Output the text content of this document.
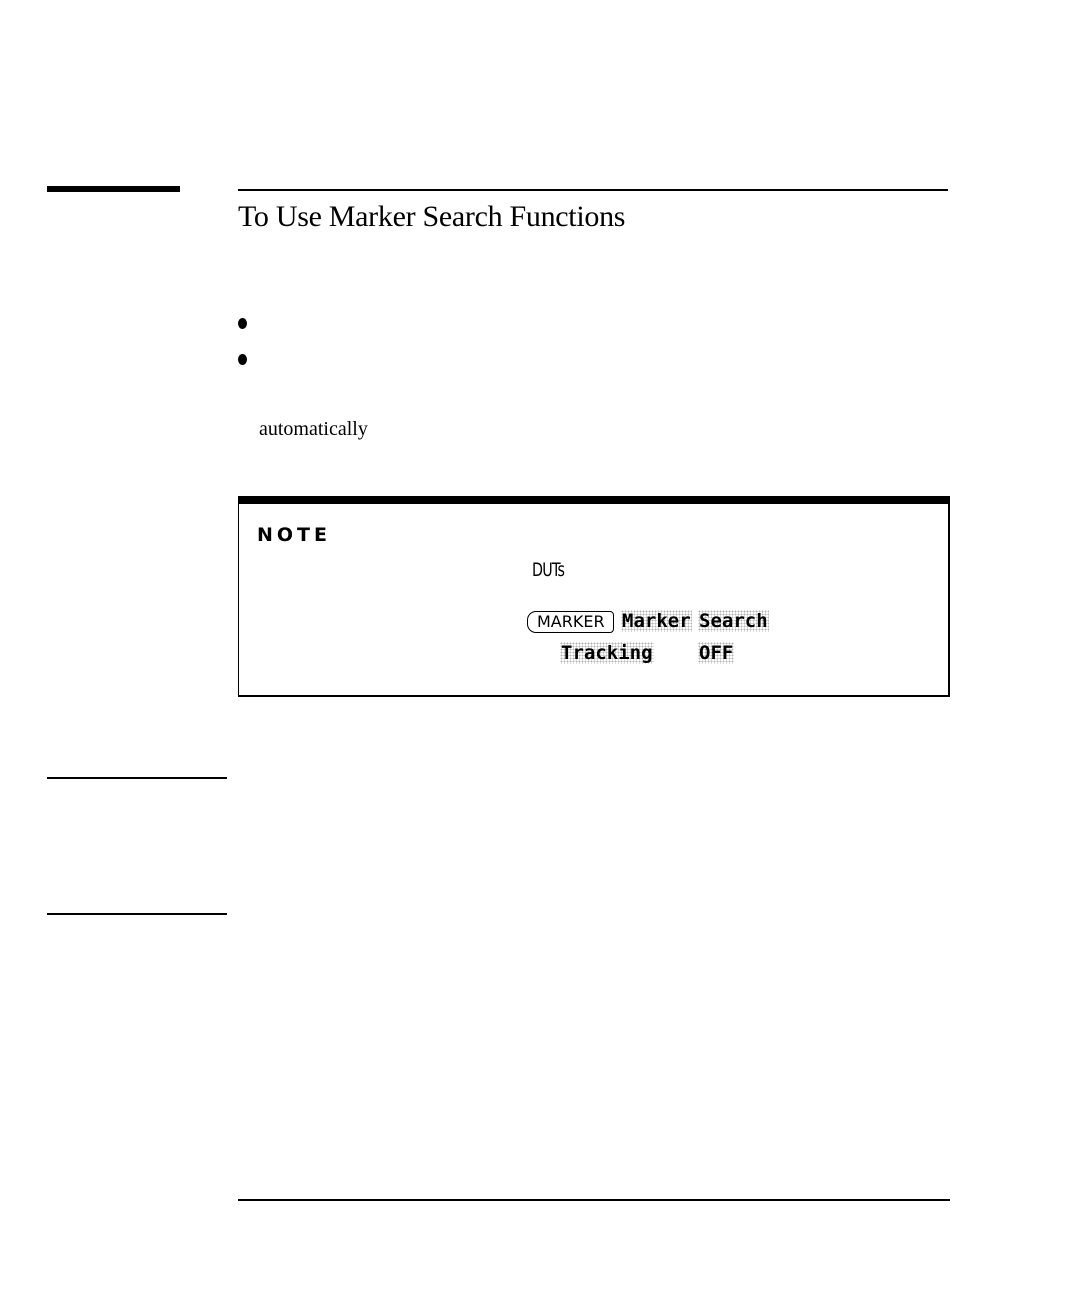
To Use Marker Search Functions
automatically
NOTE
DUTs
MARKER Marker Search
Tracking OFF
